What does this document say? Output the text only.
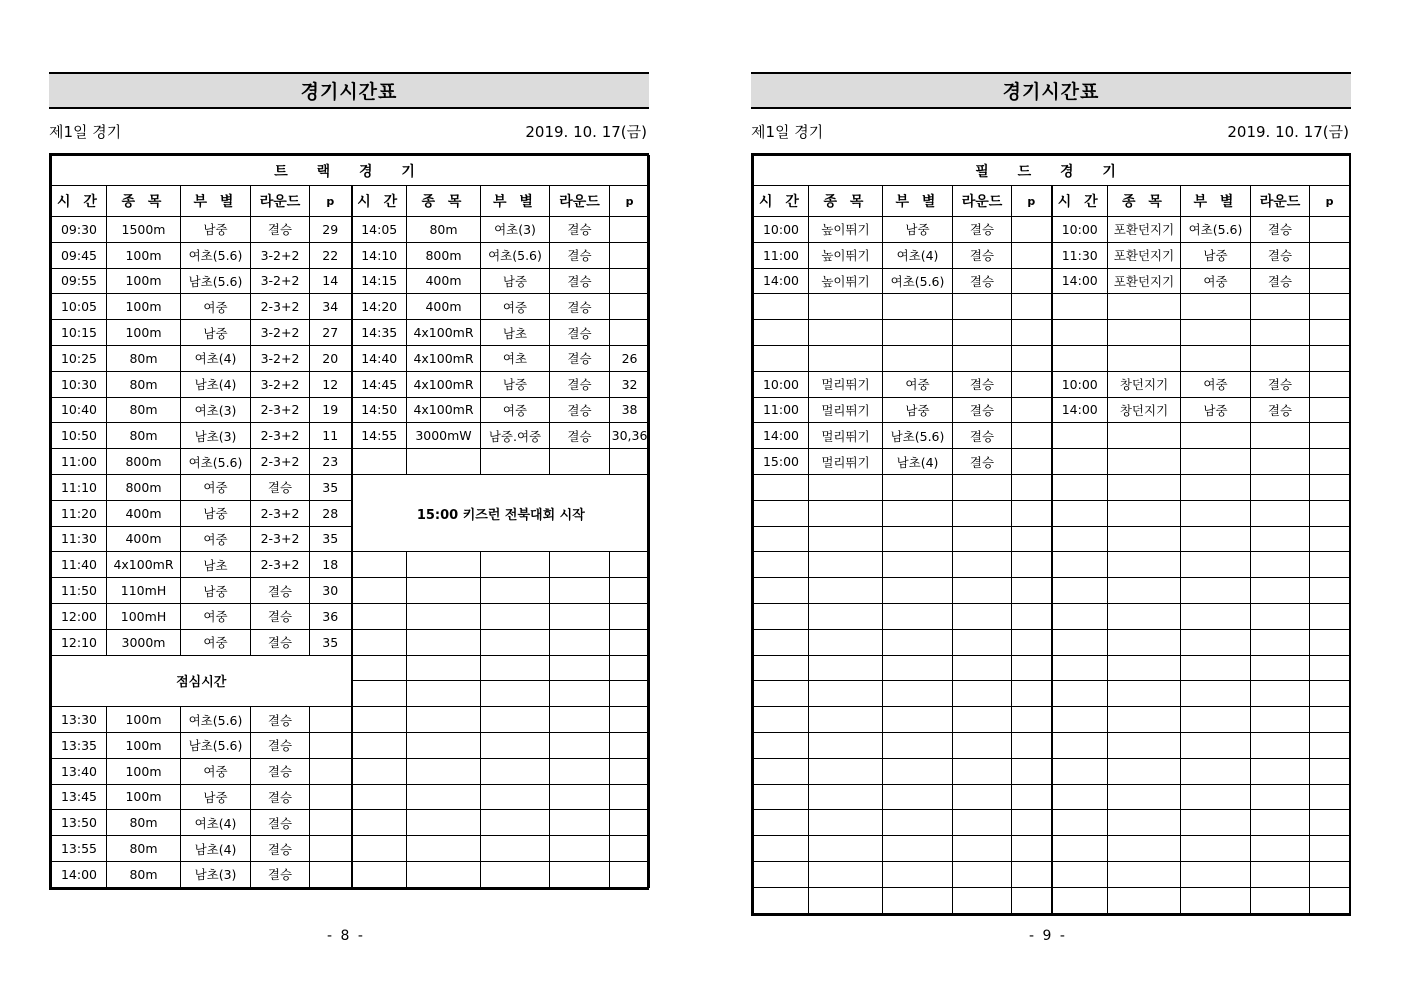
경기시간표
제1일 경기	2019. 10. 17(금)
트 랙 경 기									
시 간	종 목	부 별	라운드	p	시 간	종 목	부 별	라운드	p
09:30	1500m	남중	결승	29	14:05	80m	여초(3)	결승	
09:45	100m	여초(5.6)	3-2+2	22	14:10	800m	여초(5.6)	결승	
09:55	100m	남초(5.6)	3-2+2	14	14:15	400m	남중	결승	
10:05	100m	여중	2-3+2	34	14:20	400m	여중	결승	
10:15	100m	남중	3-2+2	27	14:35	4x100mR	남초	결승	
10:25	80m	여초(4)	3-2+2	20	14:40	4x100mR	여초	결승	26
10:30	80m	남초(4)	3-2+2	12	14:45	4x100mR	남중	결승	32
10:40	80m	여초(3)	2-3+2	19	14:50	4x100mR	여중	결승	38
10:50	80m	남초(3)	2-3+2	11	14:55	3000mW	남중.여중	결승	30,36
11:00	800m	여초(5.6)	2-3+2	23					
11:10	800m	여중	결승	35	15:00 키즈런 전북대회 시작				
11:20	400m	남중	2-3+2	28					
11:30	400m	여중	2-3+2	35					
11:40	4x100mR	남초	2-3+2	18					
11:50	110mH	남중	결승	30					
12:00	100mH	여중	결승	36					
12:10	3000m	여중	결승	35					
점심시간									

13:30	100m	여초(5.6)	결승						
13:35	100m	남초(5.6)	결승						
13:40	100m	여중	결승						
13:45	100m	남중	결승						
13:50	80m	여초(4)	결승						
13:55	80m	남초(4)	결승						
14:00	80m	남초(3)	결승						
- 8 -
경기시간표
제1일 경기	2019. 10. 17(금)
필 드 경 기									
시 간	종 목	부 별	라운드	p	시 간	종 목	부 별	라운드	p
10:00	높이뛰기	남중	결승		10:00	포환던지기	여초(5.6)	결승	
11:00	높이뛰기	여초(4)	결승		11:30	포환던지기	남중	결승	
14:00	높이뛰기	여초(5.6)	결승		14:00	포환던지기	여중	결승	

10:00	멀리뛰기	여중	결승		10:00	창던지기	여중	결승	
11:00	멀리뛰기	남중	결승		14:00	창던지기	남중	결승	
14:00	멀리뛰기	남초(5.6)	결승						
15:00	멀리뛰기	남초(4)	결승						

- 9 -
